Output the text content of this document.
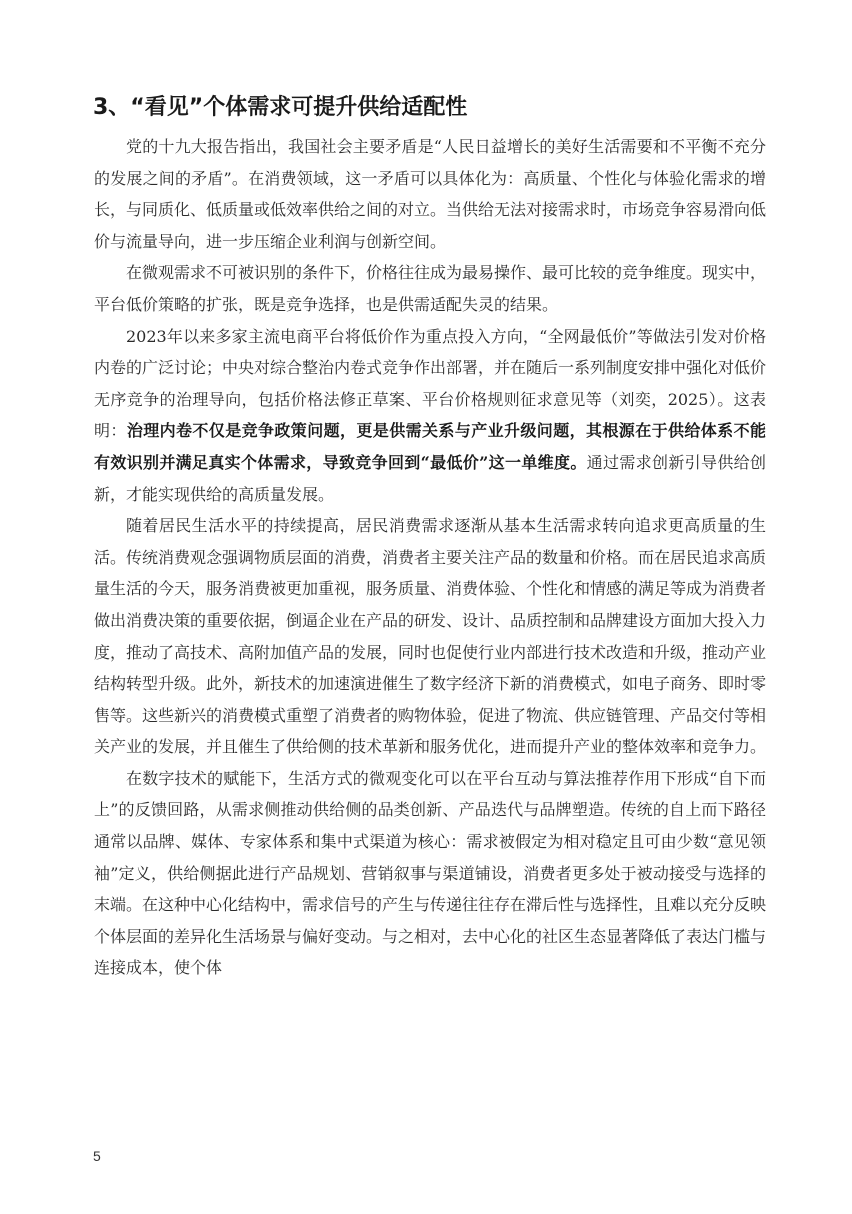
3、“看见”个体需求可提升供给适配性

党的十九大报告指出，我国社会主要矛盾是“人民日益增长的美好生活需要和不平衡不充分的发展之间的矛盾”。在消费领域，这一矛盾可以具体化为：高质量、个性化与体验化需求的增长，与同质化、低质量或低效率供给之间的对立。当供给无法对接需求时，市场竞争容易滑向低价与流量导向，进一步压缩企业利润与创新空间。

在微观需求不可被识别的条件下，价格往往成为最易操作、最可比较的竞争维度。现实中，平台低价策略的扩张，既是竞争选择，也是供需适配失灵的结果。

2023年以来多家主流电商平台将低价作为重点投入方向，“全网最低价”等做法引发对价格内卷的广泛讨论；中央对综合整治内卷式竞争作出部署，并在随后一系列制度安排中强化对低价无序竞争的治理导向，包括价格法修正草案、平台价格规则征求意见等（刘奕，2025）。这表明：治理内卷不仅是竞争政策问题，更是供需关系与产业升级问题，其根源在于供给体系不能有效识别并满足真实个体需求，导致竞争回到“最低价”这一单维度。通过需求创新引导供给创新，才能实现供给的高质量发展。

随着居民生活水平的持续提高，居民消费需求逐渐从基本生活需求转向追求更高质量的生活。传统消费观念强调物质层面的消费，消费者主要关注产品的数量和价格。而在居民追求高质量生活的今天，服务消费被更加重视，服务质量、消费体验、个性化和情感的满足等成为消费者做出消费决策的重要依据，倒逼企业在产品的研发、设计、品质控制和品牌建设方面加大投入力度，推动了高技术、高附加值产品的发展，同时也促使行业内部进行技术改造和升级，推动产业结构转型升级。此外，新技术的加速演进催生了数字经济下新的消费模式，如电子商务、即时零售等。这些新兴的消费模式重塑了消费者的购物体验，促进了物流、供应链管理、产品交付等相关产业的发展，并且催生了供给侧的技术革新和服务优化，进而提升产业的整体效率和竞争力。

在数字技术的赋能下，生活方式的微观变化可以在平台互动与算法推荐作用下形成“自下而上”的反馈回路，从需求侧推动供给侧的品类创新、产品迭代与品牌塑造。传统的自上而下路径通常以品牌、媒体、专家体系和集中式渠道为核心：需求被假定为相对稳定且可由少数“意见领袖”定义，供给侧据此进行产品规划、营销叙事与渠道铺设，消费者更多处于被动接受与选择的末端。在这种中心化结构中，需求信号的产生与传递往往存在滞后性与选择性，且难以充分反映个体层面的差异化生活场景与偏好变动。与之相对，去中心化的社区生态显著降低了表达门槛与连接成本，使个体

5
